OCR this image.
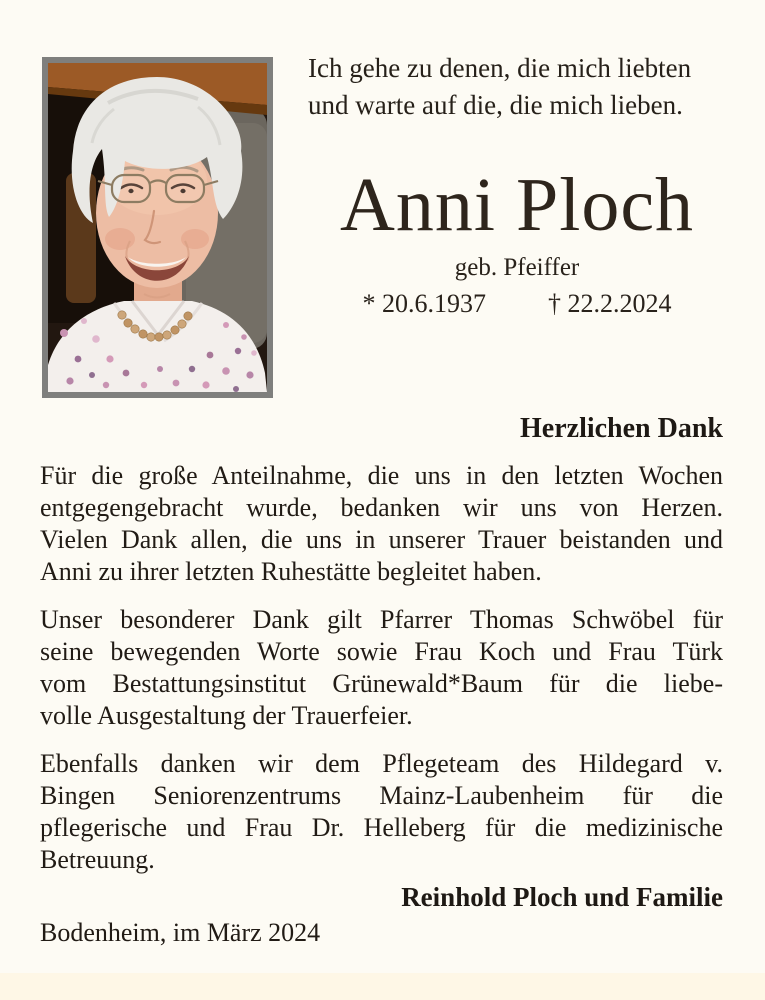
Ich gehe zu denen, die mich liebten
und warte auf die, die mich lieben.
Anni Ploch
geb. Pfeiffer
* 20.6.1937 † 22.2.2024
Herzlichen Dank
Für die große Anteilnahme, die uns in den letzten Wochen
entgegengebracht wurde, bedanken wir uns von Herzen.
Vielen Dank allen, die uns in unserer Trauer beistanden und
Anni zu ihrer letzten Ruhestätte begleitet haben.
Unser besonderer Dank gilt Pfarrer Thomas Schwöbel für
seine bewegenden Worte sowie Frau Koch und Frau Türk
vom Bestattungsinstitut Grünewald*Baum für die liebe-
volle Ausgestaltung der Trauerfeier.
Ebenfalls danken wir dem Pflegeteam des Hildegard v.
Bingen Seniorenzentrums Mainz-Laubenheim für die
pflegerische und Frau Dr. Helleberg für die medizinische
Betreuung.
Reinhold Ploch und Familie
Bodenheim, im März 2024
